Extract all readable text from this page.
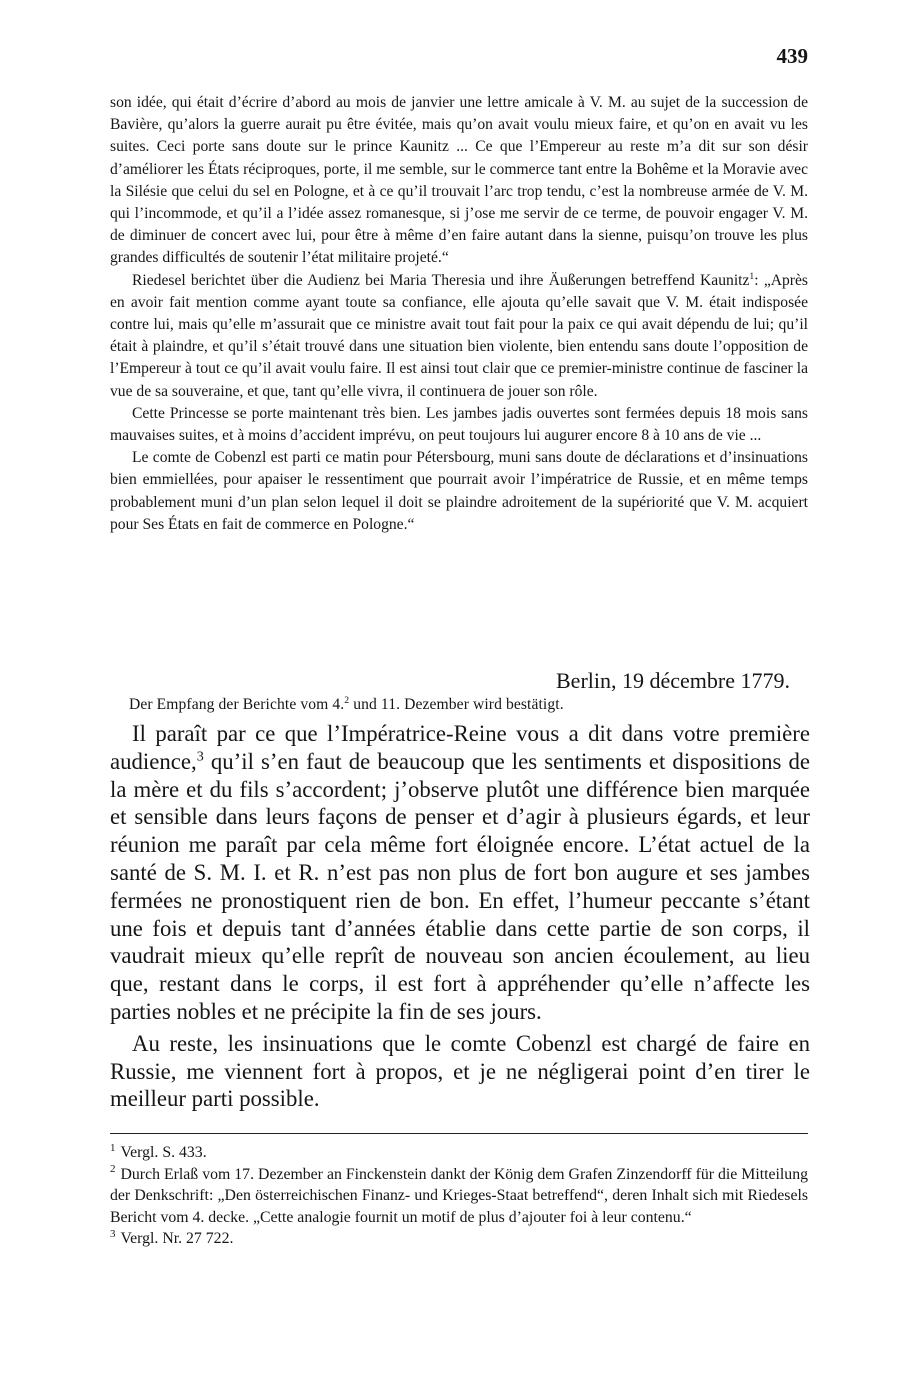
439

son idée, qui était d’écrire d’abord au mois de janvier une lettre amicale à V. M. au sujet de la succession de Bavière, qu’alors la guerre aurait pu être évitée, mais qu’on avait voulu mieux faire, et qu’on en avait vu les suites. Ceci porte sans doute sur le prince Kaunitz ... Ce que l’Empereur au reste m’a dit sur son désir d’améliorer les États réciproques, porte, il me semble, sur le commerce tant entre la Bohême et la Moravie avec la Silésie que celui du sel en Pologne, et à ce qu’il trouvait l’arc trop tendu, c’est la nombreuse armée de V. M. qui l’incommode, et qu’il a l’idée assez romanesque, si j’ose me servir de ce terme, de pouvoir engager V. M. de diminuer de concert avec lui, pour être à même d’en faire autant dans la sienne, puisqu’on trouve les plus grandes difficultés de soutenir l’état militaire projeté.“

Riedesel berichtet über die Audienz bei Maria Theresia und ihre Äußerungen betreffend Kaunitz$^1$: „Après en avoir fait mention comme ayant toute sa confiance, elle ajouta qu’elle savait que V. M. était indisposée contre lui, mais qu’elle m’assurait que ce ministre avait tout fait pour la paix ce qui avait dépendu de lui; qu’il était à plaindre, et qu’il s’était trouvé dans une situation bien violente, bien entendu sans doute l’opposition de l’Empereur à tout ce qu’il avait voulu faire. Il est ainsi tout clair que ce premier-ministre continue de fasciner la vue de sa souveraine, et que, tant qu’elle vivra, il continuera de jouer son rôle.

Cette Princesse se porte maintenant très bien. Les jambes jadis ouvertes sont fermées depuis 18 mois sans mauvaises suites, et à moins d’accident imprévu, on peut toujours lui augurer encore 8 à 10 ans de vie ...

Le comte de Cobenzl est parti ce matin pour Pétersbourg, muni sans doute de déclarations et d’insinuations bien emmiellées, pour apaiser le ressentiment que pourrait avoir l’impératrice de Russie, et en même temps probablement muni d’un plan selon lequel il doit se plaindre adroitement de la supériorité que V. M. acquiert pour Ses États en fait de commerce en Pologne.“

Berlin, 19 décembre 1779.
Der Empfang der Berichte vom 4.$^2$ und 11. Dezember wird bestätigt.

Il paraît par ce que l’Impératrice-Reine vous a dit dans votre première audience,$^3$ qu’il s’en faut de beaucoup que les sentiments et dispositions de la mère et du fils s’accordent; j’observe plutôt une différence bien marquée et sensible dans leurs façons de penser et d’agir à plusieurs égards, et leur réunion me paraît par cela même fort éloignée encore. L’état actuel de la santé de S. M. I. et R. n’est pas non plus de fort bon augure et ses jambes fermées ne pronostiquent rien de bon. En effet, l’humeur peccante s’étant une fois et depuis tant d’années établie dans cette partie de son corps, il vaudrait mieux qu’elle reprît de nouveau son ancien écoulement, au lieu que, restant dans le corps, il est fort à appréhender qu’elle n’affecte les parties nobles et ne précipite la fin de ses jours.

Au reste, les insinuations que le comte Cobenzl est chargé de faire en Russie, me viennent fort à propos, et je ne négligerai point d’en tirer le meilleur parti possible.

$^1$ Vergl. S. 433.

$^2$ Durch Erlaß vom 17. Dezember an Finckenstein dankt der König dem Grafen Zinzendorff für die Mitteilung der Denkschrift: „Den österreichischen Finanz- und Krieges-Staat betreffend“, deren Inhalt sich mit Riedesels Bericht vom 4. decke. „Cette analogie fournit un motif de plus d’ajouter foi à leur contenu.“

$^3$ Vergl. Nr. 27 722.
